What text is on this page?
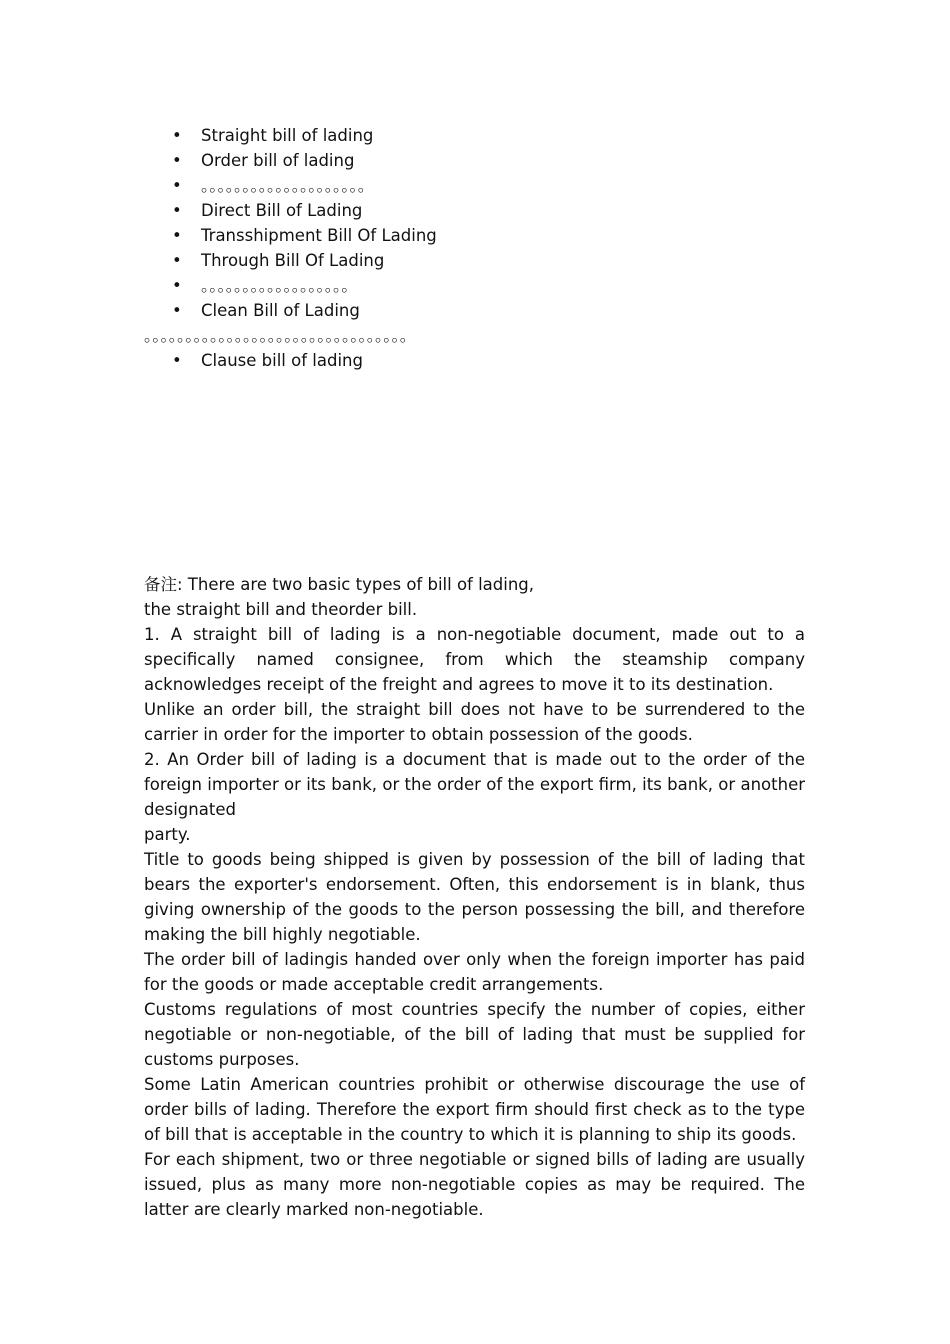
• Straight bill of lading
• Order bill of lading
• 。。。。。。。。。。。。。。。。。。。。
• Direct Bill of Lading
• Transshipment Bill Of Lading
• Through Bill Of Lading
• 。。。。。。。。。。。。。。。。。。
• Clean Bill of Lading
。。。。。。。。。。。。。。。。。。。。。。。。。。。。。。。。
• Clause bill of lading

备注: There are two basic types of bill of lading,

the straight bill and theorder bill.

1. A straight bill of lading is a non-negotiable document, made out to a specifically named consignee, from which the steamship company acknowledges receipt of the freight and agrees to move it to its destination.

Unlike an order bill, the straight bill does not have to be surrendered to the carrier in order for the importer to obtain possession of the goods.

2. An Order bill of lading is a document that is made out to the order of the foreign importer or its bank, or the order of the export firm, its bank, or another designated

party.

Title to goods being shipped is given by possession of the bill of lading that bears the exporter's endorsement. Often, this endorsement is in blank, thus giving ownership of the goods to the person possessing the bill, and therefore making the bill highly negotiable.

The order bill of ladingis handed over only when the foreign importer has paid for the goods or made acceptable credit arrangements.

Customs regulations of most countries specify the number of copies, either negotiable or non-negotiable, of the bill of lading that must be supplied for customs purposes.

Some Latin American countries prohibit or otherwise discourage the use of order bills of lading. Therefore the export firm should first check as to the type of bill that is acceptable in the country to which it is planning to ship its goods.

For each shipment, two or three negotiable or signed bills of lading are usually issued, plus as many more non-negotiable copies as may be required. The latter are clearly marked non-negotiable.
